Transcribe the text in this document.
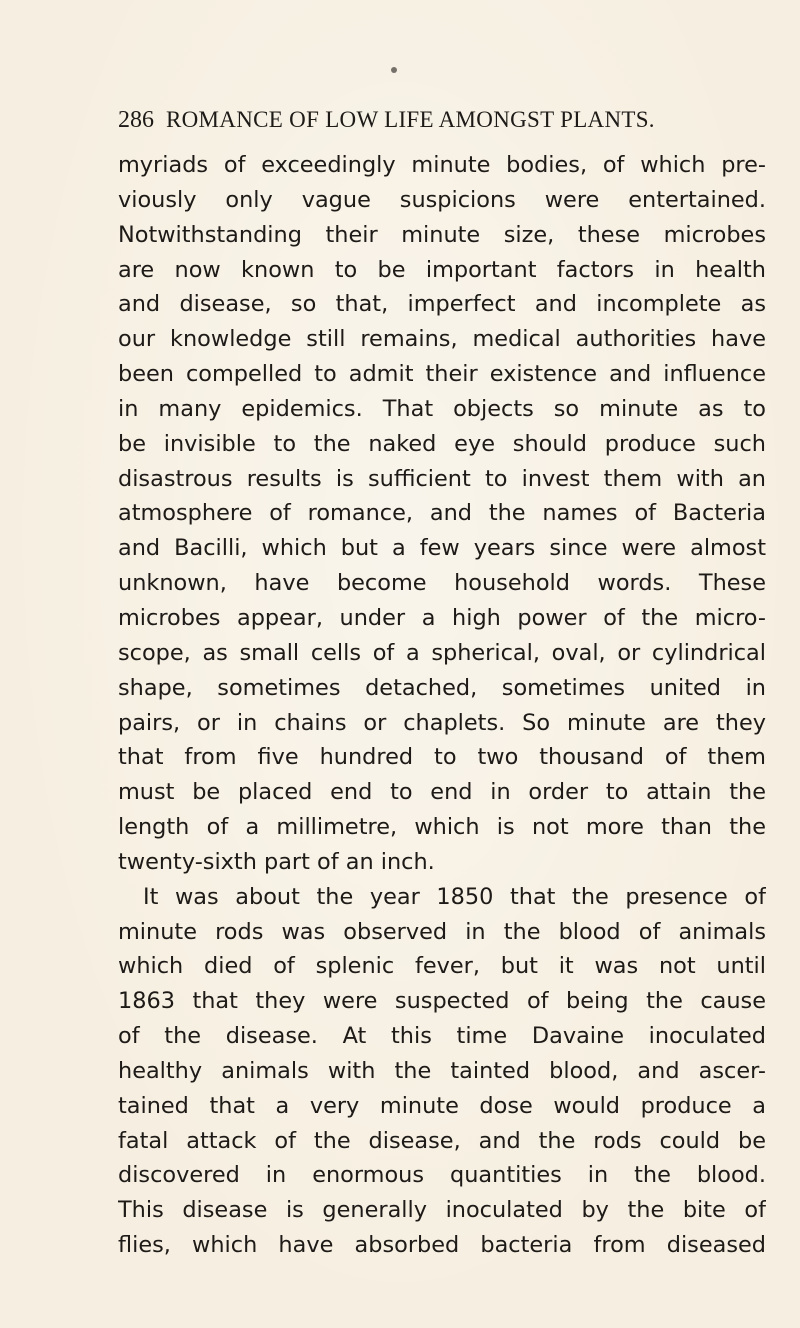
286 ROMANCE OF LOW LIFE AMONGST PLANTS.
myriads of exceedingly minute bodies, of which pre-
viously only vague suspicions were entertained.
Notwithstanding their minute size, these microbes
are now known to be important factors in health
and disease, so that, imperfect and incomplete as
our knowledge still remains, medical authorities have
been compelled to admit their existence and influence
in many epidemics. That objects so minute as to
be invisible to the naked eye should produce such
disastrous results is sufficient to invest them with an
atmosphere of romance, and the names of Bacteria
and Bacilli, which but a few years since were almost
unknown, have become household words. These
microbes appear, under a high power of the micro-
scope, as small cells of a spherical, oval, or cylindrical
shape, sometimes detached, sometimes united in
pairs, or in chains or chaplets. So minute are they
that from five hundred to two thousand of them
must be placed end to end in order to attain the
length of a millimetre, which is not more than the
twenty-sixth part of an inch.
It was about the year 1850 that the presence of
minute rods was observed in the blood of animals
which died of splenic fever, but it was not until
1863 that they were suspected of being the cause
of the disease. At this time Davaine inoculated
healthy animals with the tainted blood, and ascer-
tained that a very minute dose would produce a
fatal attack of the disease, and the rods could be
discovered in enormous quantities in the blood.
This disease is generally inoculated by the bite of
flies, which have absorbed bacteria from diseased
